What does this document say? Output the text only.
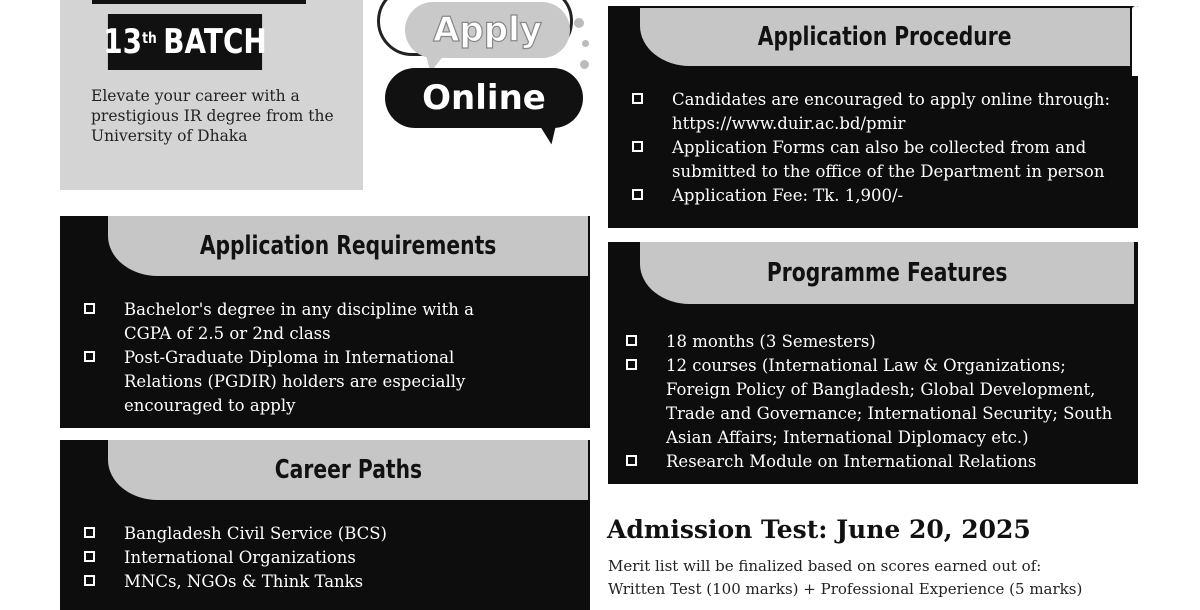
13th BATCH
Elevate your career with a prestigious IR degree from the University of Dhaka
Apply
Online
Application Procedure
Candidates are encouraged to apply online through: https://www.duir.ac.bd/pmir
Application Forms can also be collected from and submitted to the office of the Department in person
Application Fee: Tk. 1,900/-
Application Requirements
Bachelor's degree in any discipline with a CGPA of 2.5 or 2nd class
Post-Graduate Diploma in International Relations (PGDIR) holders are especially encouraged to apply
Programme Features
18 months (3 Semesters)
12 courses (International Law & Organizations; Foreign Policy of Bangladesh; Global Development, Trade and Governance; International Security; South Asian Affairs; International Diplomacy etc.)
Research Module on International Relations
Career Paths
Bangladesh Civil Service (BCS)
International Organizations
MNCs, NGOs & Think Tanks
Admission Test: June 20, 2025
Merit list will be finalized based on scores earned out of:
Written Test (100 marks) + Professional Experience (5 marks)
